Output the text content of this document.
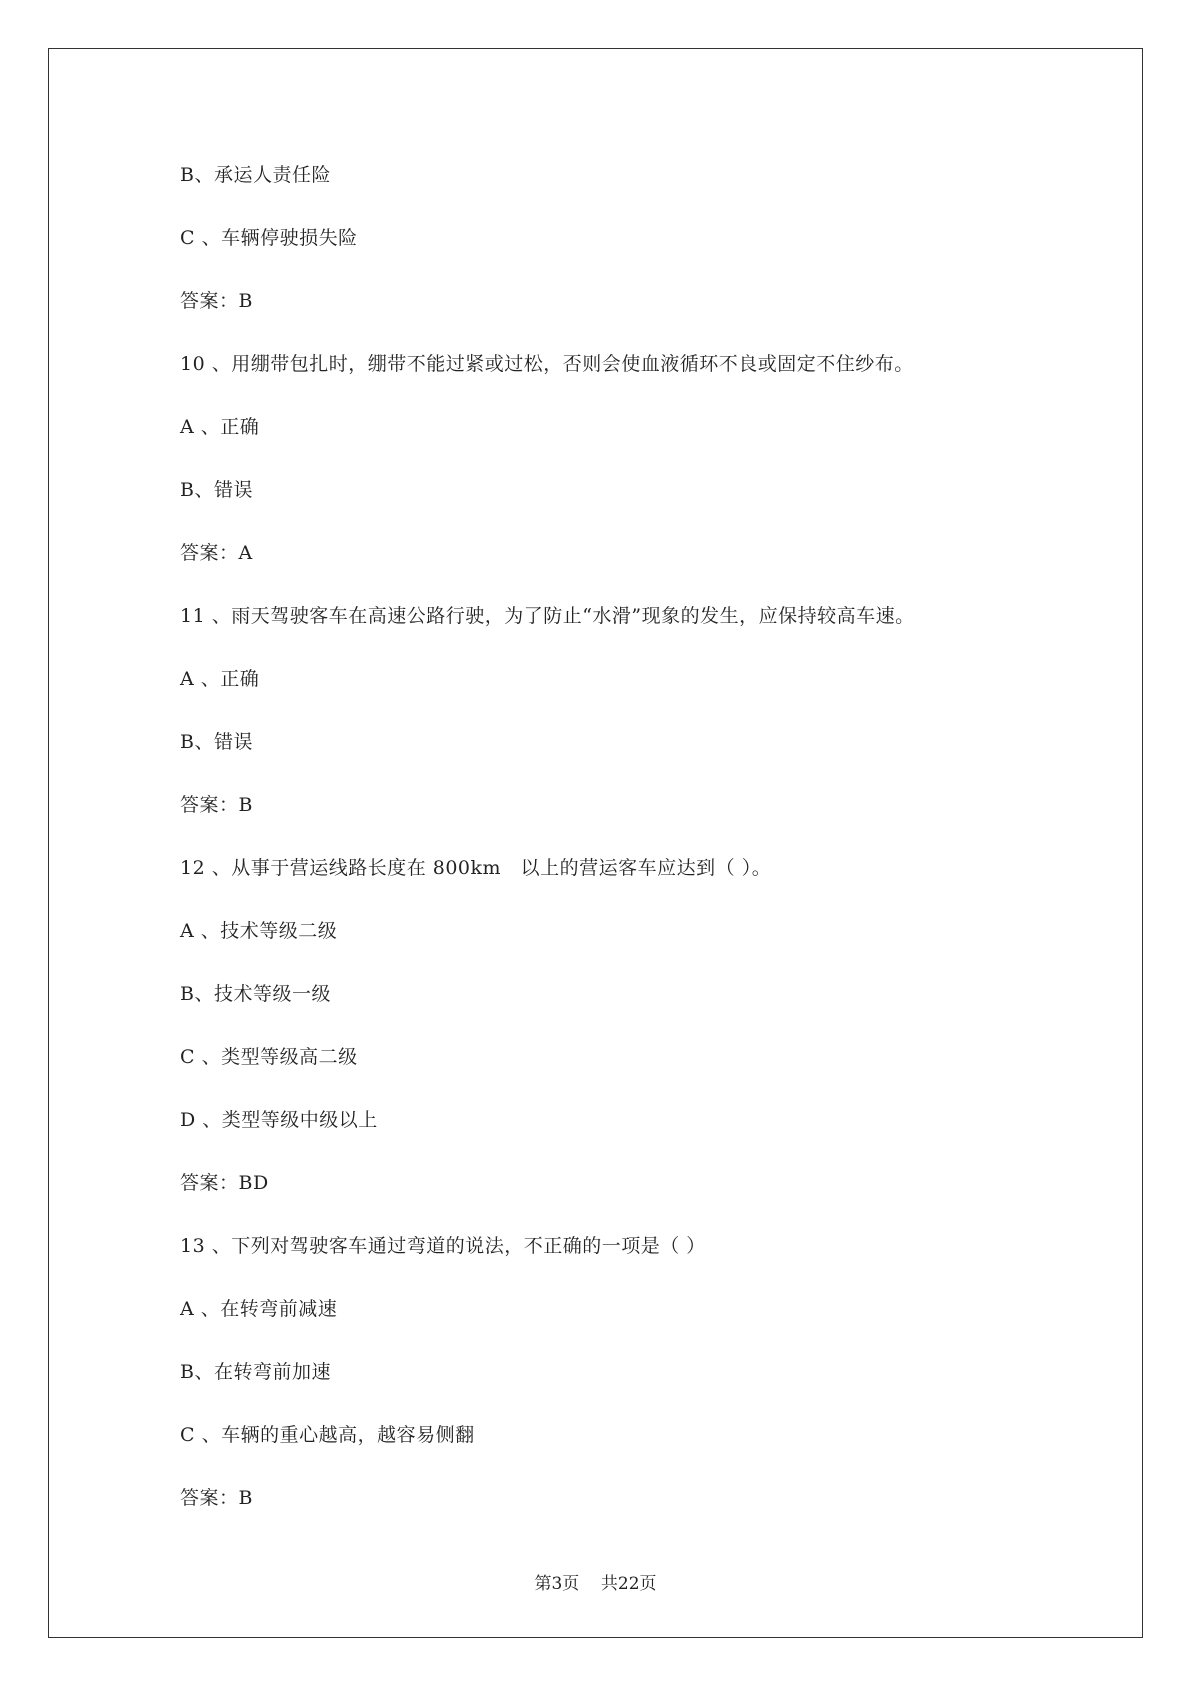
B、承运人责任险
C 、车辆停驶损失险
答案：B
10 、用绷带包扎时，绷带不能过紧或过松，否则会使血液循环不良或固定不住纱布。
A 、正确
B、错误
答案：A
11 、雨天驾驶客车在高速公路行驶，为了防止“水滑”现象的发生，应保持较高车速。
A 、正确
B、错误
答案：B
12 、从事于营运线路长度在 800km   以上的营运客车应达到（ ）。
A 、技术等级二级
B、技术等级一级
C 、类型等级高二级
D 、类型等级中级以上
答案：BD
13 、下列对驾驶客车通过弯道的说法，不正确的一项是（ ）
A 、在转弯前减速
B、在转弯前加速
C 、车辆的重心越高，越容易侧翻
答案：B
第3页    共22页
